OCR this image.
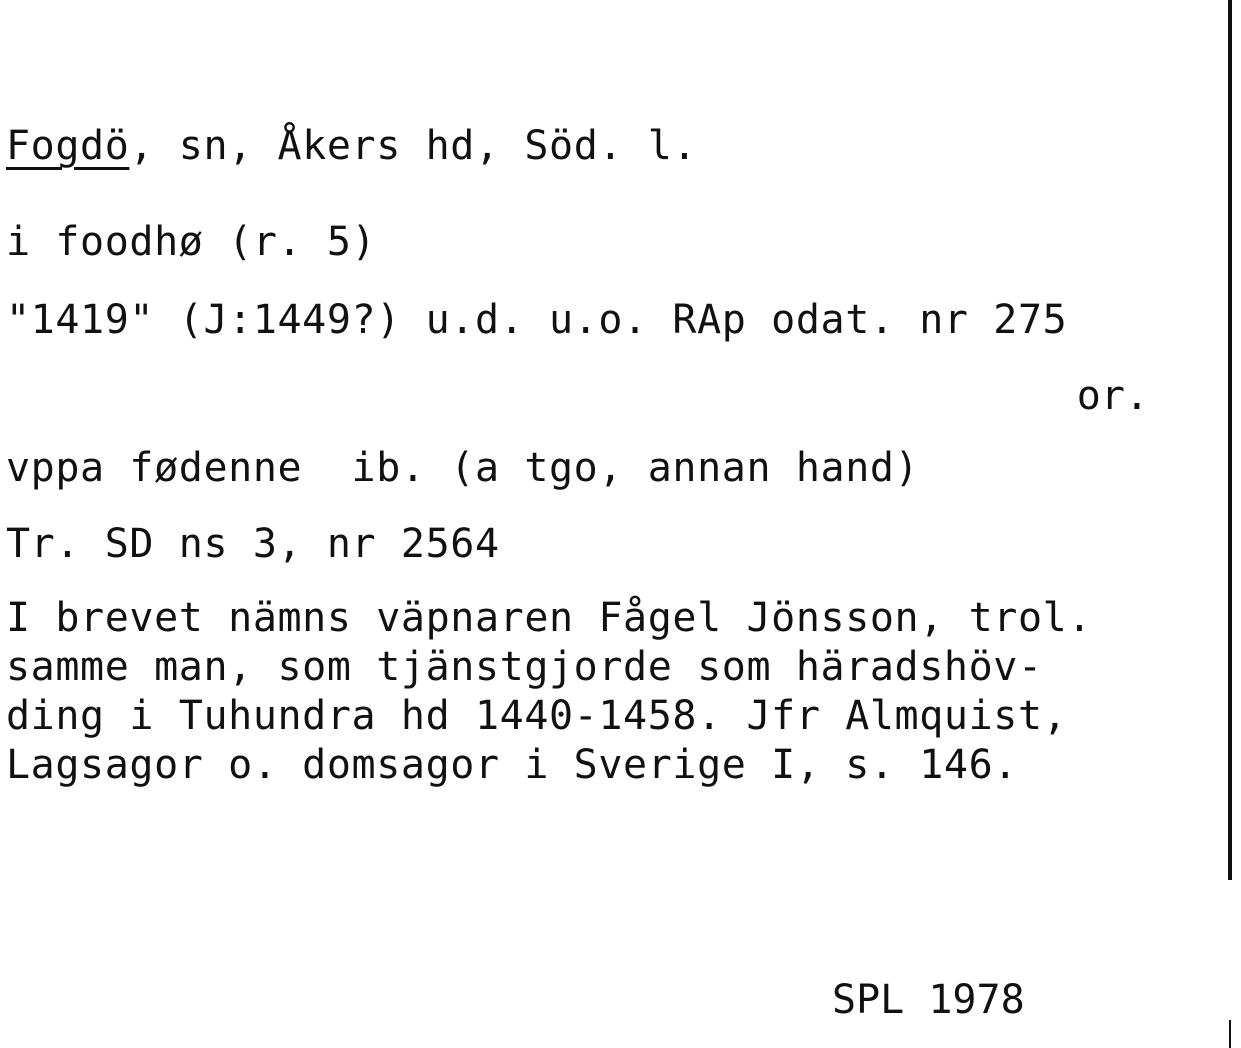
Fogdö, sn, Åkers hd, Söd. l.
i foodhø (r. 5)
"1419" (J:1449?) u.d. u.o. RAp odat. nr 275
or.
vppa fødenne  ib. (a tgo, annan hand)
Tr. SD ns 3, nr 2564
I brevet nämns väpnaren Fågel Jönsson, trol.
samme man, som tjänstgjorde som häradshöv-
ding i Tuhundra hd 1440-1458. Jfr Almquist,
Lagsagor o. domsagor i Sverige I, s. 146.
SPL 1978
